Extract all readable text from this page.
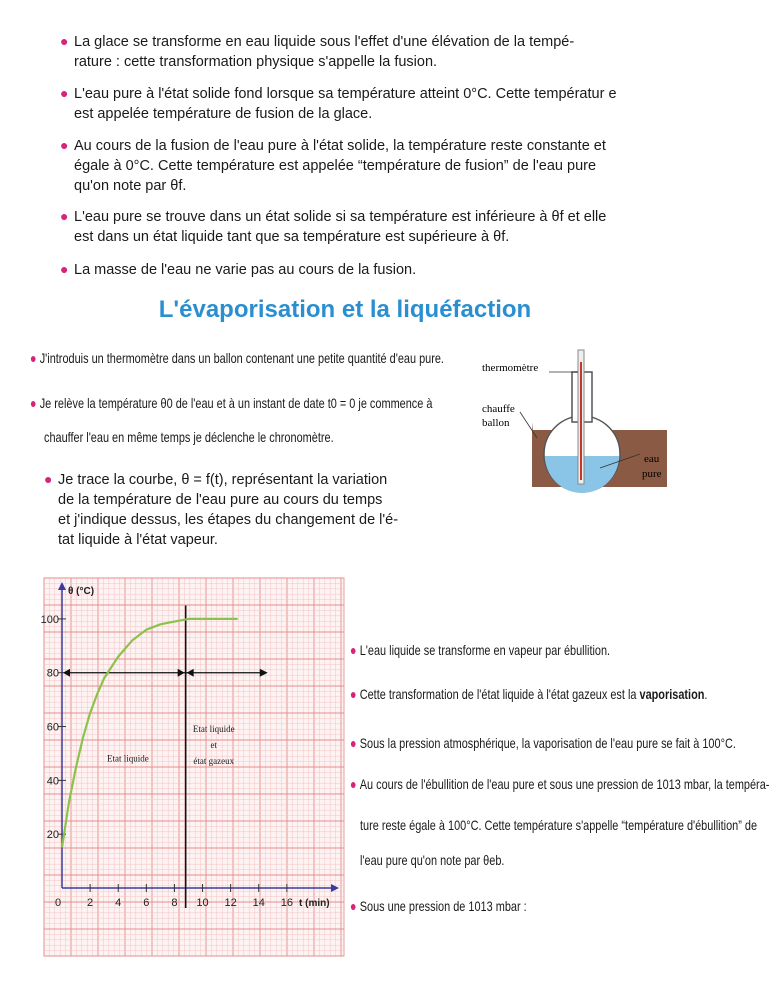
● La glace se transforme en eau liquide sous l'effet d'une élévation de la tempé-
rature : cette transformation physique s'appelle la fusion.
● L'eau pure à l'état solide fond lorsque sa température atteint 0°C. Cette températur e
est appelée température de fusion de la glace.
● Au cours de la fusion de l'eau pure à l'état solide, la température reste constante et
égale à 0°C. Cette température est appelée “température de fusion” de l'eau pure
qu'on note par θf.
● L'eau pure se trouve dans un état solide si sa température est inférieure à θf et elle
est dans un état liquide tant que sa température est supérieure à θf.
● La masse de l'eau ne varie pas au cours de la fusion.
L'évaporisation et la liquéfaction
● J'introduis un thermomètre dans un ballon contenant une petite quantité d'eau pure.
● Je relève la température θ0 de l'eau et à un instant de date t0 = 0 je commence à
chauffer l'eau en même temps je déclenche le chronomètre.
● Je trace la courbe, θ = f(t), représentant la variation
de la température de l'eau pure au cours du temps
et j'indique dessus, les étapes du changement de l'é-
tat liquide à l'état vapeur.
thermomètre
chauffe
ballon
eau
pure
20
40
60
80
100
0 2 4 6 8 10 12 14 16
θ (°C)
t (min)
Etat liquide
Etat liquide
et
état gazeux
● L'eau liquide se transforme en vapeur par ébullition.
● Cette transformation de l'état liquide à l'état gazeux est la vaporisation.
● Sous la pression atmosphérique, la vaporisation de l'eau pure se fait à 100°C.
● Au cours de l'ébullition de l'eau pure et sous une pression de 1013 mbar, la tempéra-
ture reste égale à 100°C. Cette température s'appelle “température d'ébullition” de
l'eau pure qu'on note par θeb.
● Sous une pression de 1013 mbar :
